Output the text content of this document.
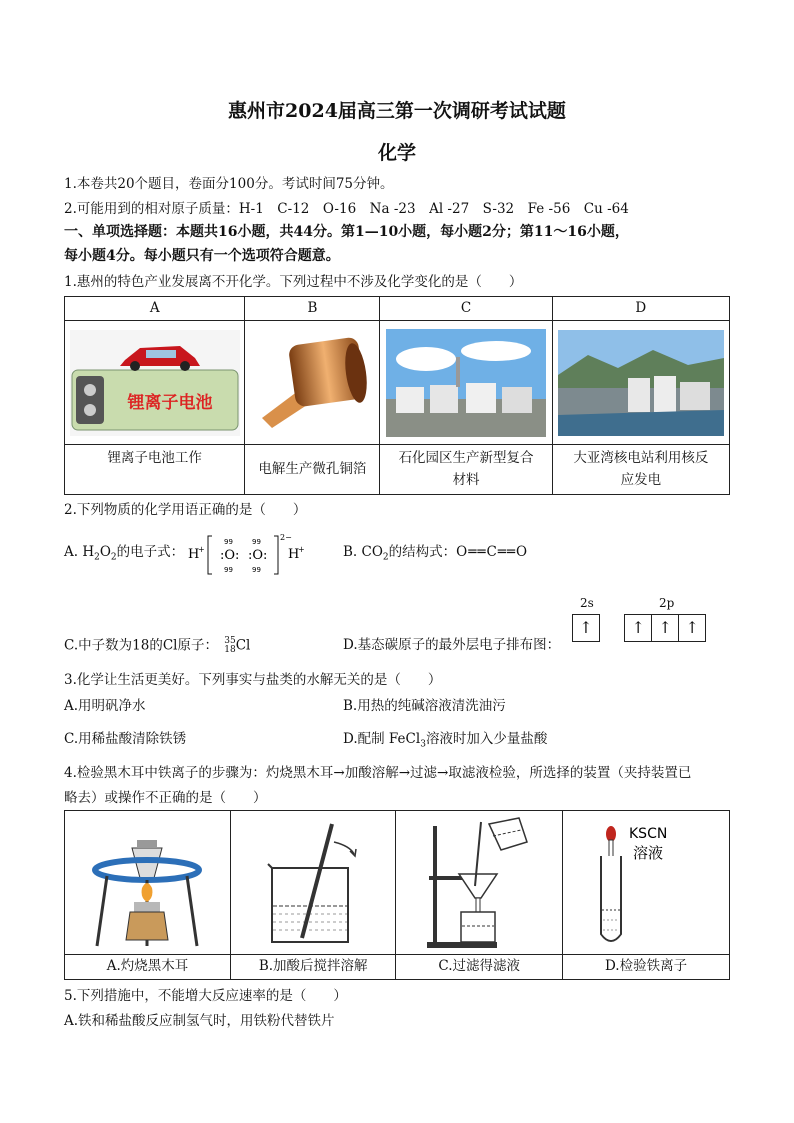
惠州市2024届高三第一次调研考试试题
化学
1.本卷共20个题目，卷面分100分。考试时间75分钟。
2.可能用到的相对原子质量：H-1　C-12　O-16　Na -23　Al -27　S-32　Fe -56　Cu -64
一、单项选择题：本题共16小题，共44分。第1—10小题，每小题2分；第11～16小题，
每小题4分。每小题只有一个选项符合题意。
1.惠州的特色产业发展离不开化学。下列过程中不涉及化学变化的是（　　）
A	B	C	D

锂离子电池

锂离子电池工作	电解生产微孔铜箔	石化园区生产新型复合材料	大亚湾核电站利用核反应发电
2.下列物质的化学用语正确的是（　　）
A. $H_2O_2$的电子式： H
+ :O: :O:
99	99
99	99
2−
H
+	B. $CO_2$的结构式：O══C══O
C.中子数为18的Cl原子： 35
18Cl	D.基态碳原子的最外层电子排布图：
2s	2p
↑ ↑ ↑ ↑
3.化学让生活更美好。下列事实与盐类的水解无关的是（　　）
A.用明矾净水	B.用热的纯碱溶液清洗油污
C.用稀盐酸清除铁锈	D.配制 FeCl$_3$溶液时加入少量盐酸
4.检验黑木耳中铁离子的步骤为：灼烧黑木耳→加酸溶解→过滤→取滤液检验，所选择的装置（夹持装置已
略去）或操作不正确的是（　　）

KSCN
溶液

A.灼烧黑木耳	B.加酸后搅拌溶解	C.过滤得滤液	D.检验铁离子
5.下列措施中，不能增大反应速率的是（　　）
A.铁和稀盐酸反应制氢气时，用铁粉代替铁片
